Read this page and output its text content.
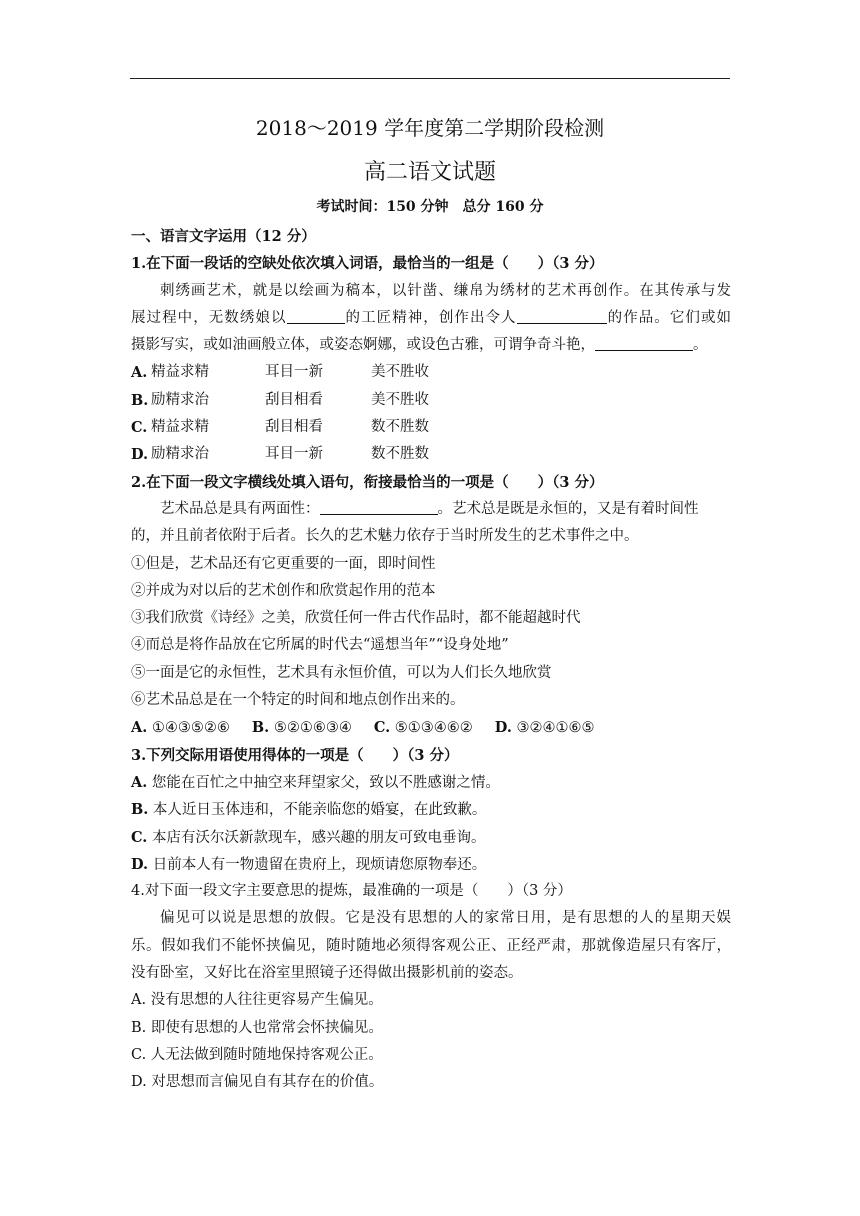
2018～2019 学年度第二学期阶段检测
高二语文试题
考试时间：150 分钟　总分 160 分
一、语言文字运用（12 分）
1.在下面一段话的空缺处依次填入词语，最恰当的一组是（　　）（3 分）
刺绣画艺术，就是以绘画为稿本，以针凿、缣帛为绣材的艺术再创作。在其传承与发
展过程中，无数绣娘以	的工匠精神，创作出令人	的作品。它们或如
摄影写实，或如油画般立体，或姿态婀娜，或设色古雅，可谓争奇斗艳，	。
A. 精益求精	耳目一新	美不胜收
B. 励精求治	刮目相看	美不胜收
C. 精益求精	刮目相看	数不胜数
D. 励精求治	耳目一新	数不胜数
2.在下面一段文字横线处填入语句，衔接最恰当的一项是（　　）（3 分）
艺术品总是具有两面性：	。艺术总是既是永恒的，又是有着时间性
的，并且前者依附于后者。长久的艺术魅力依存于当时所发生的艺术事件之中。
①但是，艺术品还有它更重要的一面，即时间性
②并成为对以后的艺术创作和欣赏起作用的范本
③我们欣赏《诗经》之美，欣赏任何一件古代作品时，都不能超越时代
④而总是将作品放在它所属的时代去“遥想当年”“设身处地”
⑤一面是它的永恒性，艺术具有永恒价值，可以为人们长久地欣赏
⑥艺术品总是在一个特定的时间和地点创作出来的。
A. ①④③⑤②⑥ B. ⑤②①⑥③④ C. ⑤①③④⑥② D. ③②④①⑥⑤
3.下列交际用语使用得体的一项是（　　）（3 分）
A. 您能在百忙之中抽空来拜望家父，致以不胜感谢之情。
B. 本人近日玉体违和，不能亲临您的婚宴，在此致歉。
C. 本店有沃尔沃新款现车，感兴趣的朋友可致电垂询。
D. 日前本人有一物遗留在贵府上，现烦请您原物奉还。
4.对下面一段文字主要意思的提炼，最准确的一项是（　　）（3 分）
偏见可以说是思想的放假。它是没有思想的人的家常日用，是有思想的人的星期天娱
乐。假如我们不能怀挟偏见，随时随地必须得客观公正、正经严肃，那就像造屋只有客厅，
没有卧室，又好比在浴室里照镜子还得做出摄影机前的姿态。
A. 没有思想的人往往更容易产生偏见。
B. 即使有思想的人也常常会怀挟偏见。
C. 人无法做到随时随地保持客观公正。
D. 对思想而言偏见自有其存在的价值。
